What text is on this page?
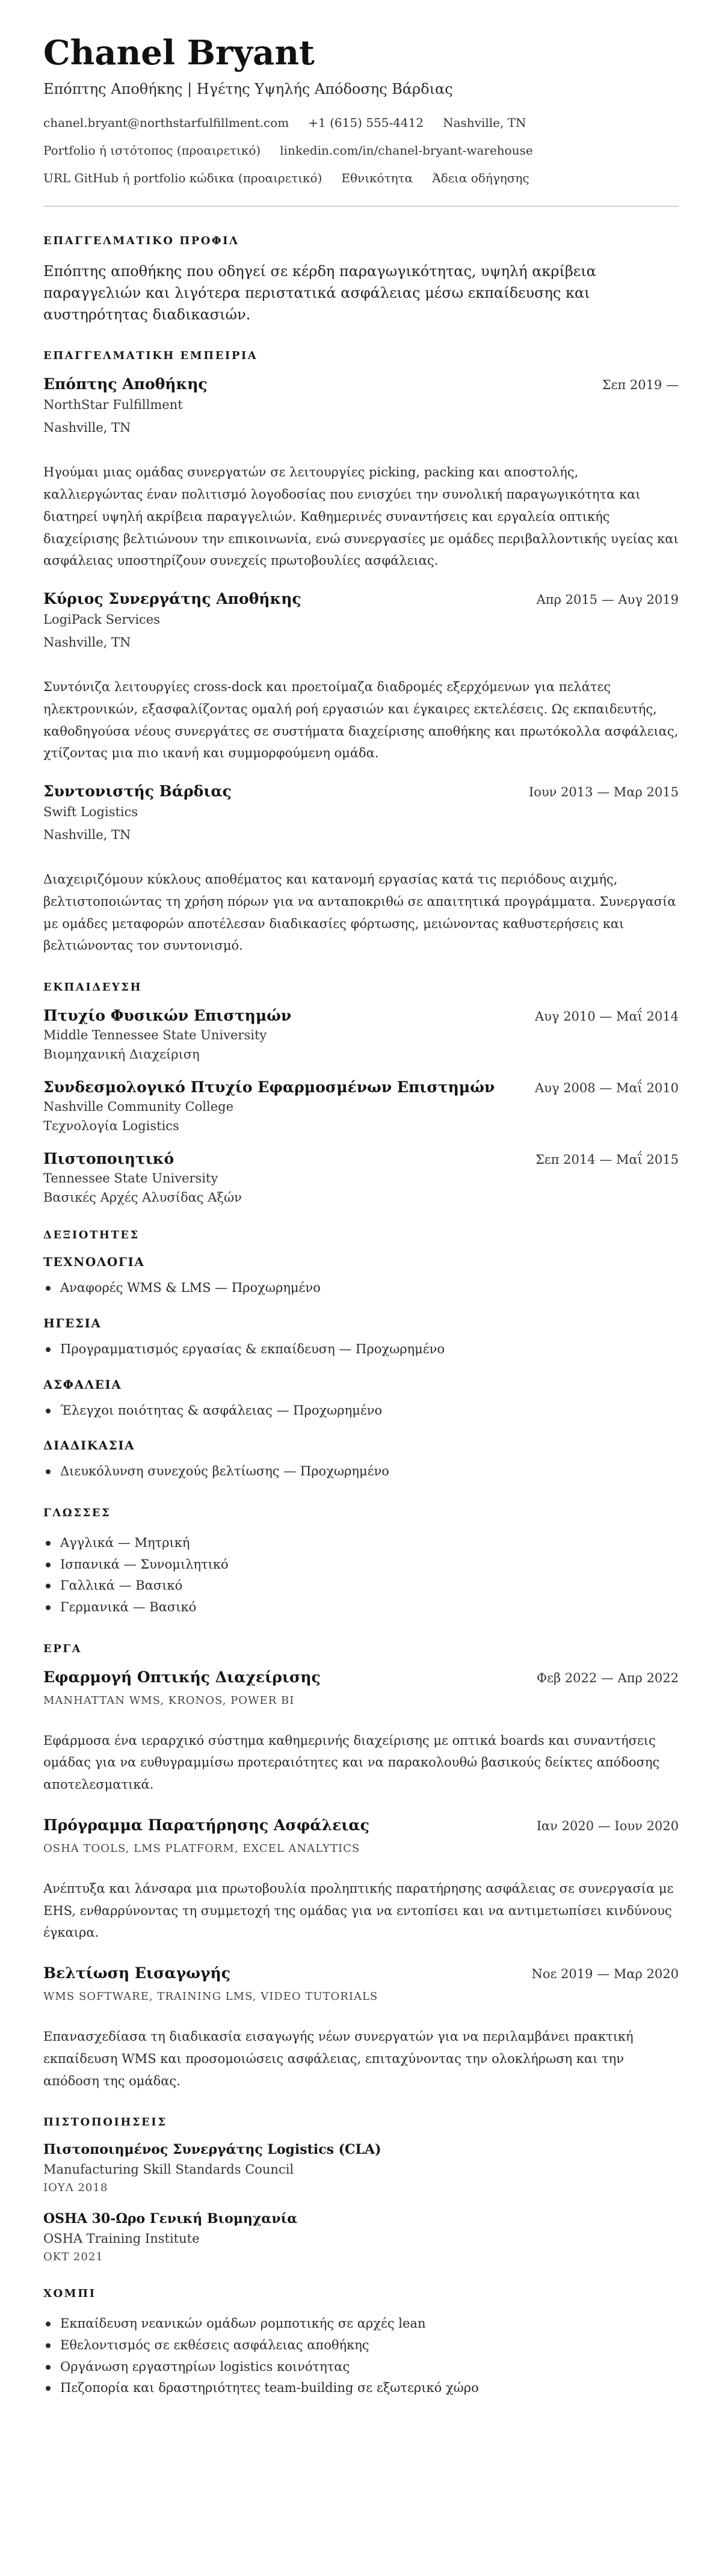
Chanel Bryant
Επόπτης Αποθήκης | Ηγέτης Υψηλής Απόδοσης Βάρδιας
chanel.bryant@northstarfulfillment.com +1 (615) 555-4412 Nashville, TN
Portfolio ή ιστότοπος (προαιρετικό) linkedin.com/in/chanel-bryant-warehouse
URL GitHub ή portfolio κώδικα (προαιρετικό) Εθνικότητα Άδεια οδήγησης
ΕΠΑΓΓΕΛΜΑΤΙΚΟ ΠΡΟΦΙΛ

Επόπτης αποθήκης που οδηγεί σε κέρδη παραγωγικότητας, υψηλή ακρίβεια παραγγελιών και λιγότερα περιστατικά ασφάλειας μέσω εκπαίδευσης και αυστηρότητας διαδικασιών.

ΕΠΑΓΓΕΛΜΑΤΙΚΗ ΕΜΠΕΙΡΙΑ
Επόπτης Αποθήκης	Σεπ 2019 —
NorthStar Fulfillment
Nashville, TN

Ηγούμαι μιας ομάδας συνεργατών σε λειτουργίες picking, packing και αποστολής, καλλιεργώντας έναν πολιτισμό λογοδοσίας που ενισχύει την συνολική παραγωγικότητα και διατηρεί υψηλή ακρίβεια παραγγελιών. Καθημερινές συναντήσεις και εργαλεία οπτικής διαχείρισης βελτιώνουν την επικοινωνία, ενώ συνεργασίες με ομάδες περιβαλλοντικής υγείας και ασφάλειας υποστηρίζουν συνεχείς πρωτοβουλίες ασφάλειας.

Κύριος Συνεργάτης Αποθήκης	Απρ 2015 — Αυγ 2019
LogiPack Services
Nashville, TN

Συντόνιζα λειτουργίες cross-dock και προετοίμαζα διαδρομές εξερχόμενων για πελάτες ηλεκτρονικών, εξασφαλίζοντας ομαλή ροή εργασιών και έγκαιρες εκτελέσεις. Ως εκπαιδευτής, καθοδηγούσα νέους συνεργάτες σε συστήματα διαχείρισης αποθήκης και πρωτόκολλα ασφάλειας, χτίζοντας μια πιο ικανή και συμμορφούμενη ομάδα.

Συντονιστής Βάρδιας	Ιουν 2013 — Μαρ 2015
Swift Logistics
Nashville, TN

Διαχειριζόμουν κύκλους αποθέματος και κατανομή εργασίας κατά τις περιόδους αιχμής, βελτιστοποιώντας τη χρήση πόρων για να ανταποκριθώ σε απαιτητικά προγράμματα. Συνεργασία με ομάδες μεταφορών αποτέλεσαν διαδικασίες φόρτωσης, μειώνοντας καθυστερήσεις και βελτιώνοντας τον συντονισμό.

ΕΚΠΑΙΔΕΥΣΗ
Πτυχίο Φυσικών Επιστημών	Αυγ 2010 — Μαΐ 2014
Middle Tennessee State University
Βιομηχανική Διαχείριση
Συνδεσμολογικό Πτυχίο Εφαρμοσμένων Επιστημών	Αυγ 2008 — Μαΐ 2010
Nashville Community College
Τεχνολογία Logistics
Πιστοποιητικό	Σεπ 2014 — Μαΐ 2015
Tennessee State University
Βασικές Αρχές Αλυσίδας Αξών
ΔΕΞΙΟΤΗΤΕΣ
ΤΕΧΝΟΛΟΓΙΑ
Αναφορές WMS & LMS — Προχωρημένο
ΗΓΕΣΙΑ
Προγραμματισμός εργασίας & εκπαίδευση — Προχωρημένο
ΑΣΦΑΛΕΙΑ
Έλεγχοι ποιότητας & ασφάλειας — Προχωρημένο
ΔΙΑΔΙΚΑΣΙΑ
Διευκόλυνση συνεχούς βελτίωσης — Προχωρημένο
ΓΛΩΣΣΕΣ
Αγγλικά — Μητρική
Ισπανικά — Συνομιλητικό
Γαλλικά — Βασικό
Γερμανικά — Βασικό
ΕΡΓΑ
Εφαρμογή Οπτικής Διαχείρισης	Φεβ 2022 — Απρ 2022
MANHATTAN WMS, KRONOS, POWER BI

Εφάρμοσα ένα ιεραρχικό σύστημα καθημερινής διαχείρισης με οπτικά boards και συναντήσεις ομάδας για να ευθυγραμμίσω προτεραιότητες και να παρακολουθώ βασικούς δείκτες απόδοσης αποτελεσματικά.

Πρόγραμμα Παρατήρησης Ασφάλειας	Ιαν 2020 — Ιουν 2020
OSHA TOOLS, LMS PLATFORM, EXCEL ANALYTICS

Ανέπτυξα και λάνσαρα μια πρωτοβουλία προληπτικής παρατήρησης ασφάλειας σε συνεργασία με EHS, ενθαρρύνοντας τη συμμετοχή της ομάδας για να εντοπίσει και να αντιμετωπίσει κινδύνους έγκαιρα.

Βελτίωση Εισαγωγής	Νοε 2019 — Μαρ 2020
WMS SOFTWARE, TRAINING LMS, VIDEO TUTORIALS

Επανασχεδίασα τη διαδικασία εισαγωγής νέων συνεργατών για να περιλαμβάνει πρακτική εκπαίδευση WMS και προσομοιώσεις ασφάλειας, επιταχύνοντας την ολοκλήρωση και την απόδοση της ομάδας.

ΠΙΣΤΟΠΟΙΗΣΕΙΣ
Πιστοποιημένος Συνεργάτης Logistics (CLA)
Manufacturing Skill Standards Council
ΙΟΥΛ 2018
OSHA 30-Ωρο Γενική Βιομηχανία
OSHA Training Institute
ΟΚΤ 2021
ΧΟΜΠΙ
Εκπαίδευση νεανικών ομάδων ρομποτικής σε αρχές lean
Εθελοντισμός σε εκθέσεις ασφάλειας αποθήκης
Οργάνωση εργαστηρίων logistics κοινότητας
Πεζοπορία και δραστηριότητες team-building σε εξωτερικό χώρο
